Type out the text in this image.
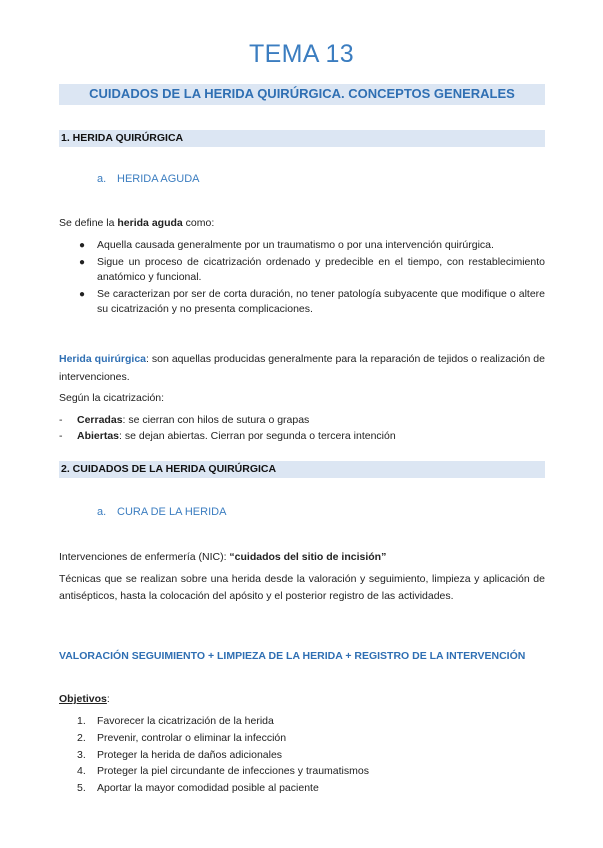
TEMA 13
CUIDADOS DE LA HERIDA QUIRÚRGICA. CONCEPTOS GENERALES
1. HERIDA QUIRÚRGICA
a. HERIDA AGUDA
Se define la herida aguda como:
● Aquella causada generalmente por un traumatismo o por una intervención quirúrgica.
● Sigue un proceso de cicatrización ordenado y predecible en el tiempo, con restablecimiento anatómico y funcional.
● Se caracterizan por ser de corta duración, no tener patología subyacente que modifique o altere su cicatrización y no presenta complicaciones.
Herida quirúrgica: son aquellas producidas generalmente para la reparación de tejidos o realización de intervenciones.
Según la cicatrización:
- Cerradas: se cierran con hilos de sutura o grapas
- Abiertas: se dejan abiertas. Cierran por segunda o tercera intención
2. CUIDADOS DE LA HERIDA QUIRÚRGICA
a. CURA DE LA HERIDA
Intervenciones de enfermería (NIC): “cuidados del sitio de incisión”
Técnicas que se realizan sobre una herida desde la valoración y seguimiento, limpieza y aplicación de antisépticos, hasta la colocación del apósito y el posterior registro de las actividades.
VALORACIÓN SEGUIMIENTO + LIMPIEZA DE LA HERIDA + REGISTRO DE LA INTERVENCIÓN
Objetivos:
1. Favorecer la cicatrización de la herida
2. Prevenir, controlar o eliminar la infección
3. Proteger la herida de daños adicionales
4. Proteger la piel circundante de infecciones y traumatismos
5. Aportar la mayor comodidad posible al paciente
